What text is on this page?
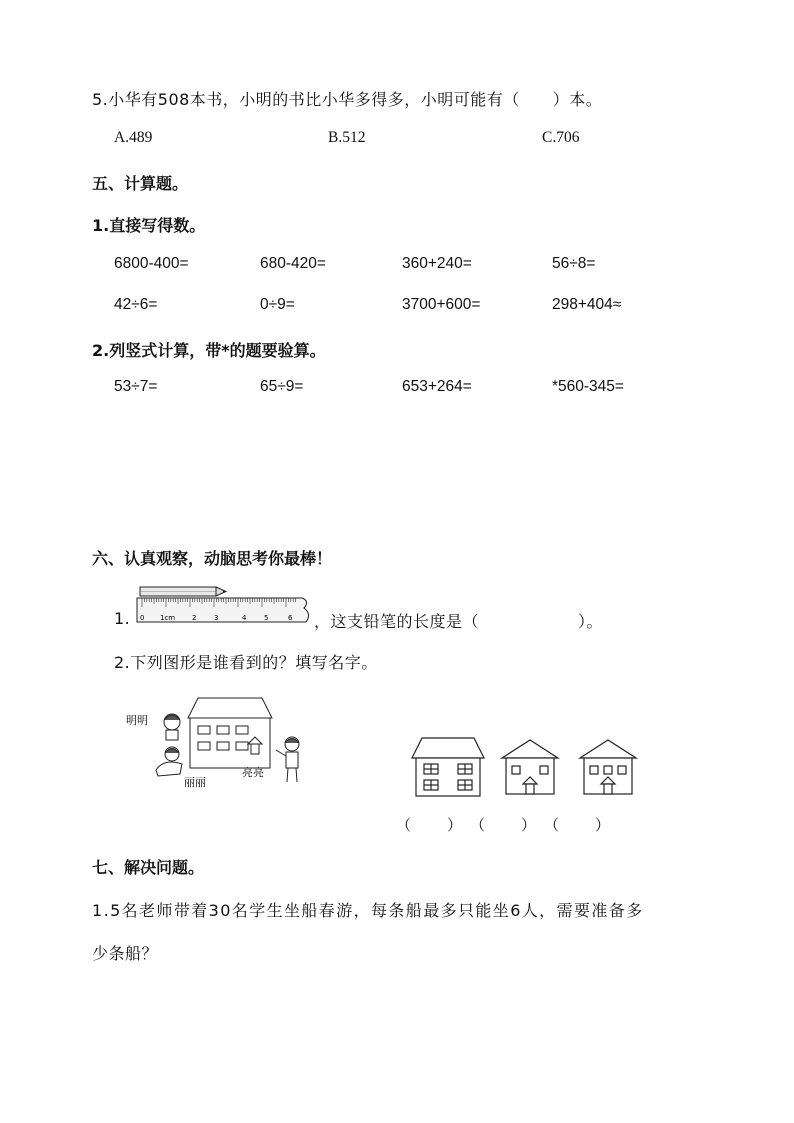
5.小华有508本书，小明的书比小华多得多，小明可能有（　　）本。
A.489	B.512	C.706
五、计算题。
1.直接写得数。
6800-400=	680-420=	360+240=	56÷8=
42÷6=	0÷9=	3700+600=	298+404≈
2.列竖式计算，带*的题要验算。
53÷7=	65÷9=	653+264=	*560-345=
六、认真观察，动脑思考你最棒！
1. 0 1cm 2	3	4	5	6 ，这支铅笔的长度是（　　　　　　）。
2.下列图形是谁看到的？填写名字。
明明
丽丽
亮亮
（　　） （　　） （　　）
七、解决问题。
1.5名老师带着30名学生坐船春游，每条船最多只能坐6人，需要准备多
少条船？
